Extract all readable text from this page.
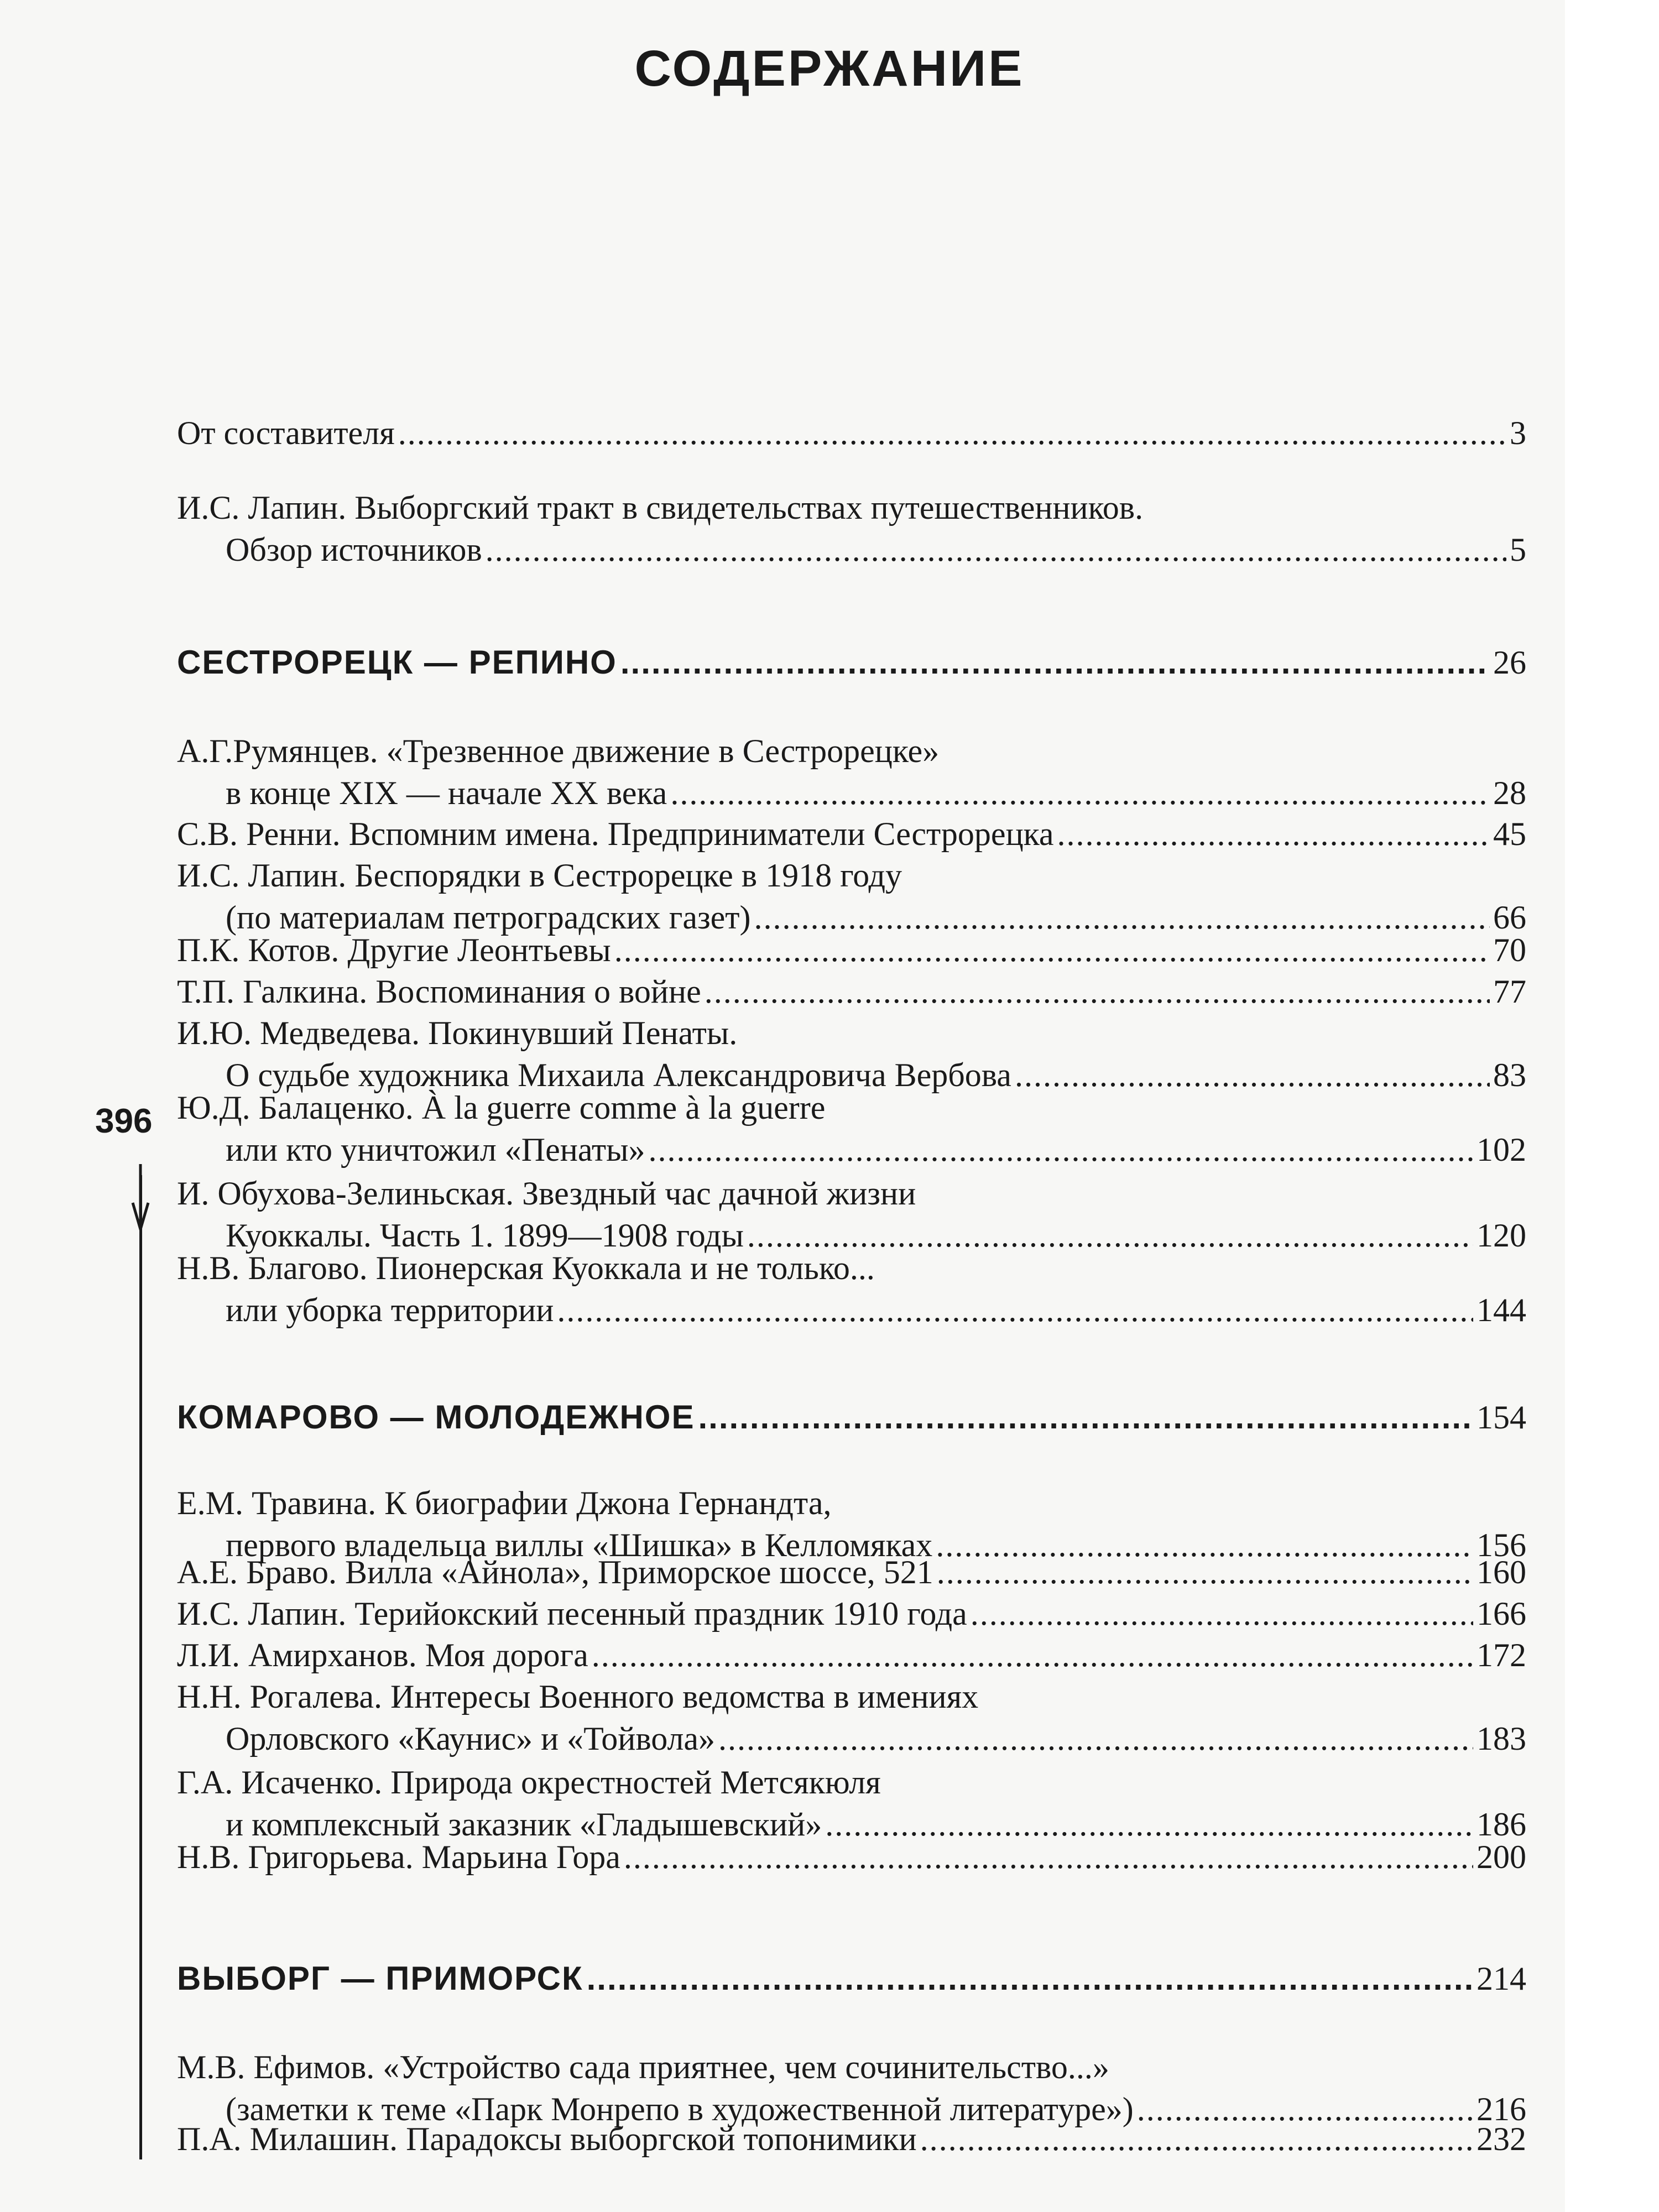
СОДЕРЖАНИЕ
396
От составителя .....	3
И.С. Лапин. Выборгский тракт в свидетельствах путешественников.
Обзор источников .....	5
СЕСТРОРЕЦК — РЕПИНО .....	26
А.Г.Румянцев. «Трезвенное движение в Сестрорецке»
в конце XIX — начале XX века .....	28
С.В. Ренни. Вспомним имена. Предприниматели Сестрорецка .....	45
И.С. Лапин. Беспорядки в Сестрорецке в 1918 году
(по материалам петроградских газет) .....	66
П.К. Котов. Другие Леонтьевы .....	70
Т.П. Галкина. Воспоминания о войне .....	77
И.Ю. Медведева. Покинувший Пенаты.
О судьбе художника Михаила Александровича Вербова .....	83
Ю.Д. Балаценко. À la guerre comme à la guerre
или кто уничтожил «Пенаты» .....	102
И. Обухова-Зелиньская. Звездный час дачной жизни
Куоккалы. Часть 1. 1899—1908 годы .....	120
Н.В. Благово. Пионерская Куоккала и не только...
или уборка территории .....	144
КОМАРОВО — МОЛОДЕЖНОЕ .....	154
Е.М. Травина. К биографии Джона Гернандта,
первого владельца виллы «Шишка» в Келломяках .....	156
А.Е. Браво. Вилла «Айнола», Приморское шоссе, 521 .....	160
И.С. Лапин. Терийокский песенный праздник 1910 года .....	166
Л.И. Амирханов. Моя дорога .....	172
Н.Н. Рогалева. Интересы Военного ведомства в имениях
Орловского «Каунис» и «Тойвола» .....	183
Г.А. Исаченко. Природа окрестностей Метсякюля
и комплексный заказник «Гладышевский» .....	186
Н.В. Григорьева. Марьина Гора .....	200
ВЫБОРГ — ПРИМОРСК .....	214
М.В. Ефимов. «Устройство сада приятнее, чем сочинительство...»
(заметки к теме «Парк Монрепо в художественной литературе») .....	216
П.А. Милашин. Парадоксы выборгской топонимики .....	232
